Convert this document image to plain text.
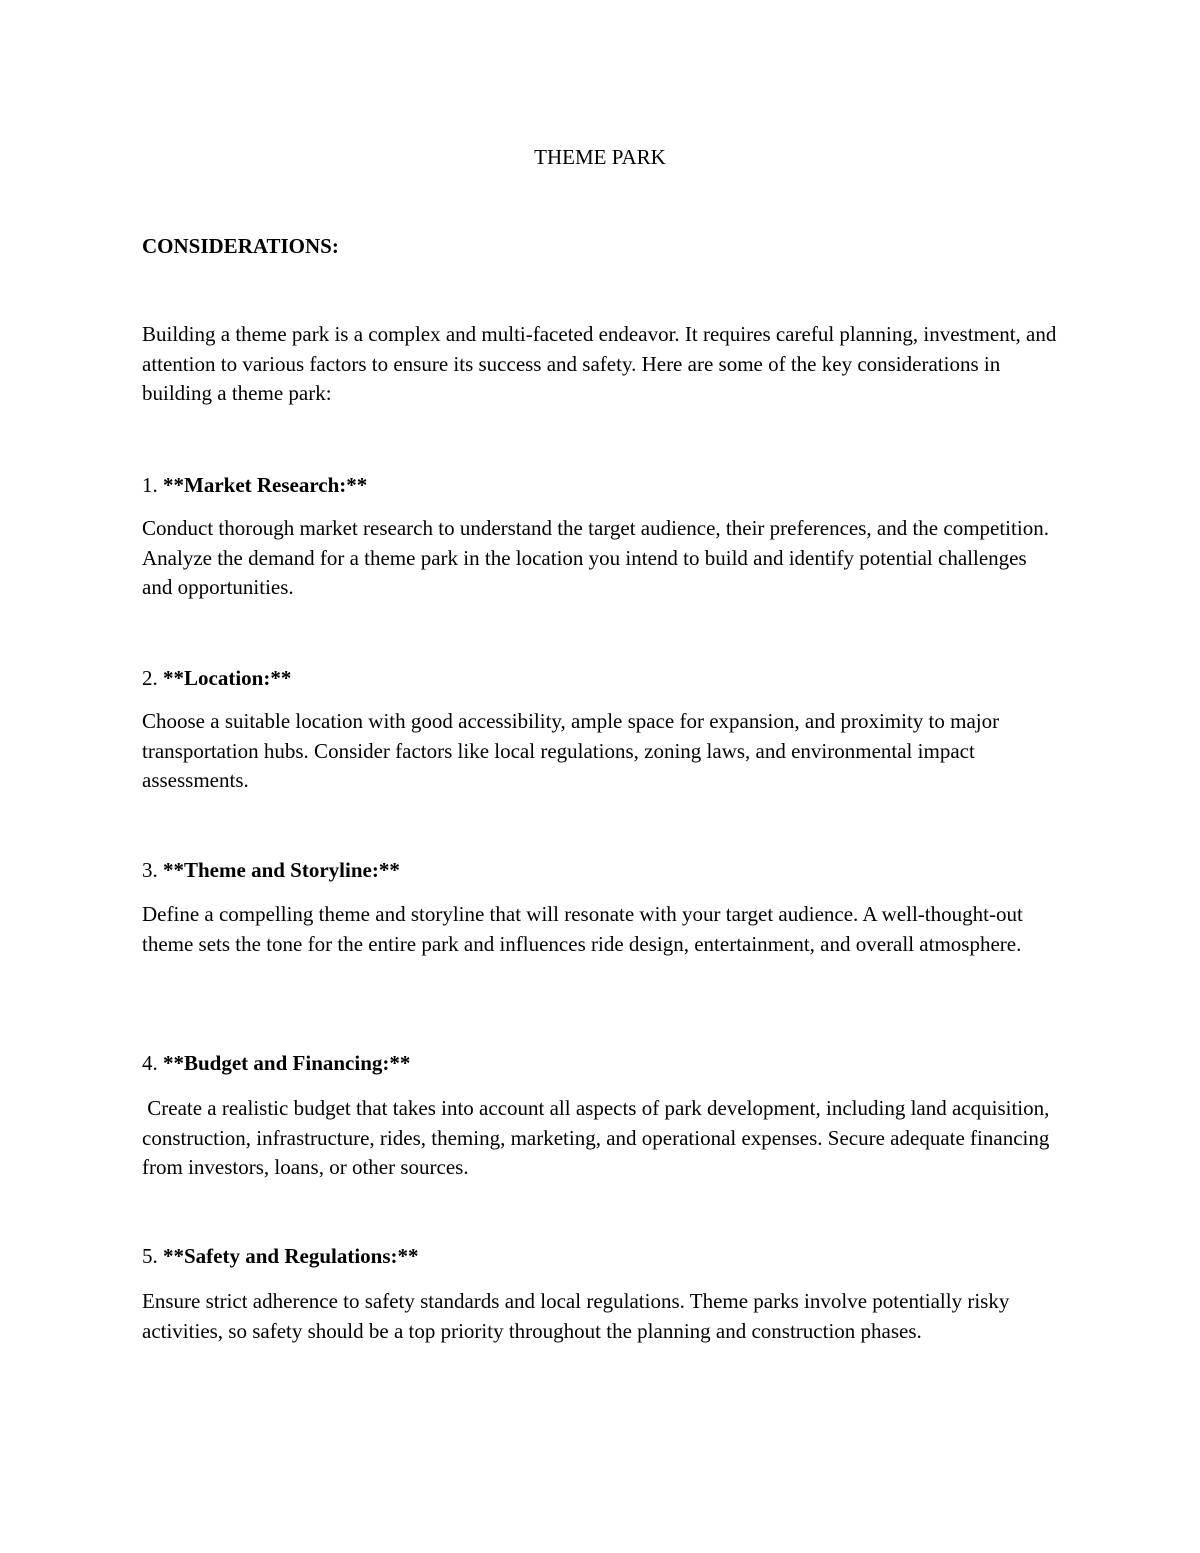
THEME PARK

CONSIDERATIONS:

Building a theme park is a complex and multi-faceted endeavor. It requires careful planning, investment, and attention to various factors to ensure its success and safety. Here are some of the key considerations in building a theme park:

1. **Market Research:**

Conduct thorough market research to understand the target audience, their preferences, and the competition. Analyze the demand for a theme park in the location you intend to build and identify potential challenges and opportunities.

2. **Location:**

Choose a suitable location with good accessibility, ample space for expansion, and proximity to major transportation hubs. Consider factors like local regulations, zoning laws, and environmental impact assessments.

3. **Theme and Storyline:**

Define a compelling theme and storyline that will resonate with your target audience. A well-thought-out theme sets the tone for the entire park and influences ride design, entertainment, and overall atmosphere.

4. **Budget and Financing:**

Create a realistic budget that takes into account all aspects of park development, including land acquisition, construction, infrastructure, rides, theming, marketing, and operational expenses. Secure adequate financing from investors, loans, or other sources.

5. **Safety and Regulations:**

Ensure strict adherence to safety standards and local regulations. Theme parks involve potentially risky activities, so safety should be a top priority throughout the planning and construction phases.
